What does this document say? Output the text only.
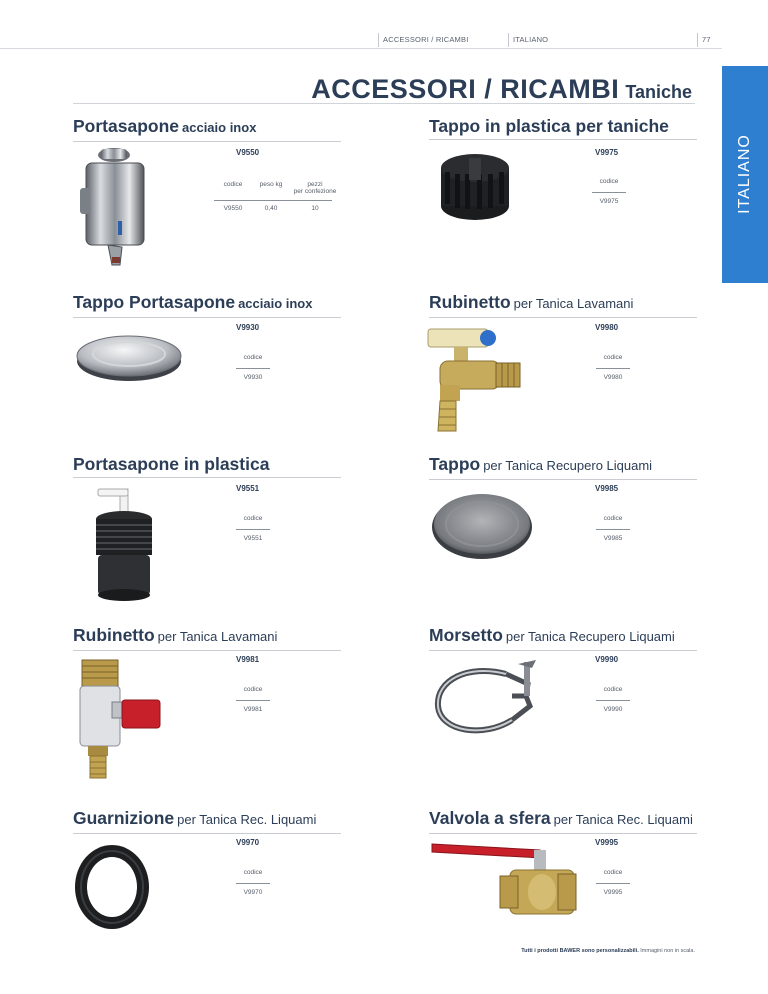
ACCESSORI / RICAMBI	ITALIANO	77
ITALIANO
ACCESSORI / RICAMBI Taniche
Portasapone acciaio inox
V9550
codice	peso kg	pezzi
per confezione
V9550	0,40	10
Tappo in plastica per taniche
V9975
codice
V9975
Tappo Portasapone acciaio inox
V9930
codice
V9930
Rubinetto per Tanica Lavamani
V9980
codice
V9980
Portasapone in plastica
V9551
codice
V9551
Tappo per Tanica Recupero Liquami
V9985
codice
V9985
Rubinetto per Tanica Lavamani
V9981
codice
V9981
Morsetto per Tanica Recupero Liquami
V9990
codice
V9990
Guarnizione per Tanica Rec. Liquami
V9970
codice
V9970
Valvola a sfera per Tanica Rec. Liquami
V9995
codice
V9995
Tutti i prodotti BAWER sono personalizzabili. Immagini non in scala.
